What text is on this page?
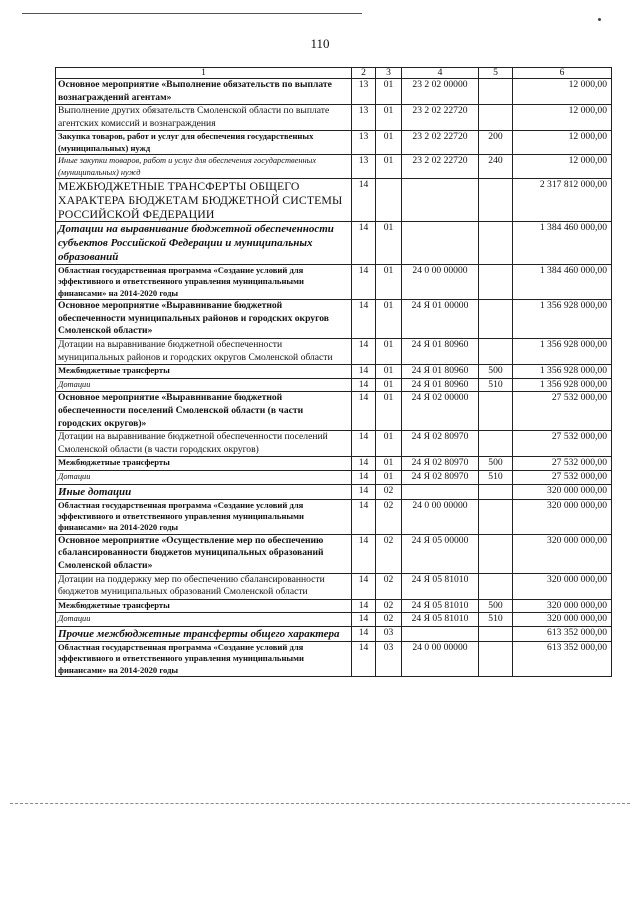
110
1	2	3	4	5	6
Основное мероприятие «Выполнение обязательств по выплате вознаграждений агентам»	13	01	23 2 02 00000		12 000,00
Выполнение других обязательств Смоленской области по выплате агентских комиссий и вознаграждения	13	01	23 2 02 22720		12 000,00
Закупка товаров, работ и услуг для обеспечения государственных (муниципальных) нужд	13	01	23 2 02 22720	200	12 000,00
Иные закупки товаров, работ и услуг для обеспечения государственных (муниципальных) нужд	13	01	23 2 02 22720	240	12 000,00
МЕЖБЮДЖЕТНЫЕ ТРАНСФЕРТЫ ОБЩЕГО ХАРАКТЕРА БЮДЖЕТАМ БЮДЖЕТНОЙ СИСТЕМЫ РОССИЙСКОЙ ФЕДЕРАЦИИ	14				2 317 812 000,00
Дотации на выравнивание бюджетной обеспеченности субъектов Российской Федерации и муниципальных образований	14	01			1 384 460 000,00
Областная государственная программа «Создание условий для эффективного и ответственного управления муниципальными финансами» на 2014-2020 годы	14	01	24 0 00 00000		1 384 460 000,00
Основное мероприятие «Выравнивание бюджетной обеспеченности муниципальных районов и городских округов Смоленской области»	14	01	24 Я 01 00000		1 356 928 000,00
Дотации на выравнивание бюджетной обеспеченности муниципальных районов и городских округов Смоленской области	14	01	24 Я 01 80960		1 356 928 000,00
Межбюджетные трансферты	14	01	24 Я 01 80960	500	1 356 928 000,00
Дотации	14	01	24 Я 01 80960	510	1 356 928 000,00
Основное мероприятие «Выравнивание бюджетной обеспеченности поселений Смоленской области (в части городских округов)»	14	01	24 Я 02 00000		27 532 000,00
Дотации на выравнивание бюджетной обеспеченности поселений Смоленской области (в части городских округов)	14	01	24 Я 02 80970		27 532 000,00
Межбюджетные трансферты	14	01	24 Я 02 80970	500	27 532 000,00
Дотации	14	01	24 Я 02 80970	510	27 532 000,00
Иные дотации	14	02			320 000 000,00
Областная государственная программа «Создание условий для эффективного и ответственного управления муниципальными финансами» на 2014-2020 годы	14	02	24 0 00 00000		320 000 000,00
Основное мероприятие «Осуществление мер по обеспечению сбалансированности бюджетов муниципальных образований Смоленской области»	14	02	24 Я 05 00000		320 000 000,00
Дотации на поддержку мер по обеспечению сбалансированности бюджетов муниципальных образований Смоленской области	14	02	24 Я 05 81010		320 000 000,00
Межбюджетные трансферты	14	02	24 Я 05 81010	500	320 000 000,00
Дотации	14	02	24 Я 05 81010	510	320 000 000,00
Прочие межбюджетные трансферты общего характера	14	03			613 352 000,00
Областная государственная программа «Создание условий для эффективного и ответственного управления муниципальными финансами» на 2014-2020 годы	14	03	24 0 00 00000		613 352 000,00
